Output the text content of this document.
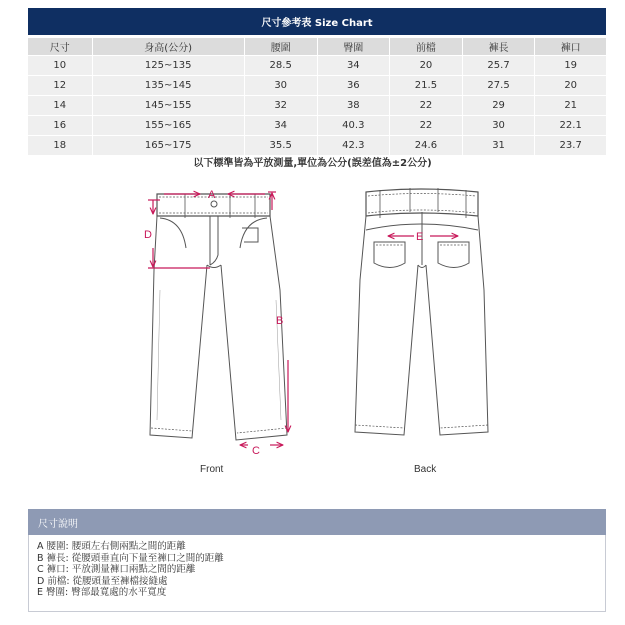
尺寸參考表 Size Chart
尺寸	身高(公分)	腰圍	臀圍	前檔	褲長	褲口
10	125~135	28.5	34	20	25.7	19
12	135~145	30	36	21.5	27.5	20
14	145~155	32	38	22	29	21
16	155~165	34	40.3	22	30	22.1
18	165~175	35.5	42.3	24.6	31	23.7
以下標準皆為平放測量,單位為公分(誤差值為±2公分)
A
D
B
C
Front
E
Back
尺寸說明
A 腰圍: 腰頭左右側兩點之間的距離
B 褲長: 從腰頭垂直向下量至褲口之間的距離
C 褲口: 平放測量褲口兩點之間的距離
D 前檔: 從腰頭量至褲檔接縫處
E 臀圍: 臀部最寬處的水平寬度
